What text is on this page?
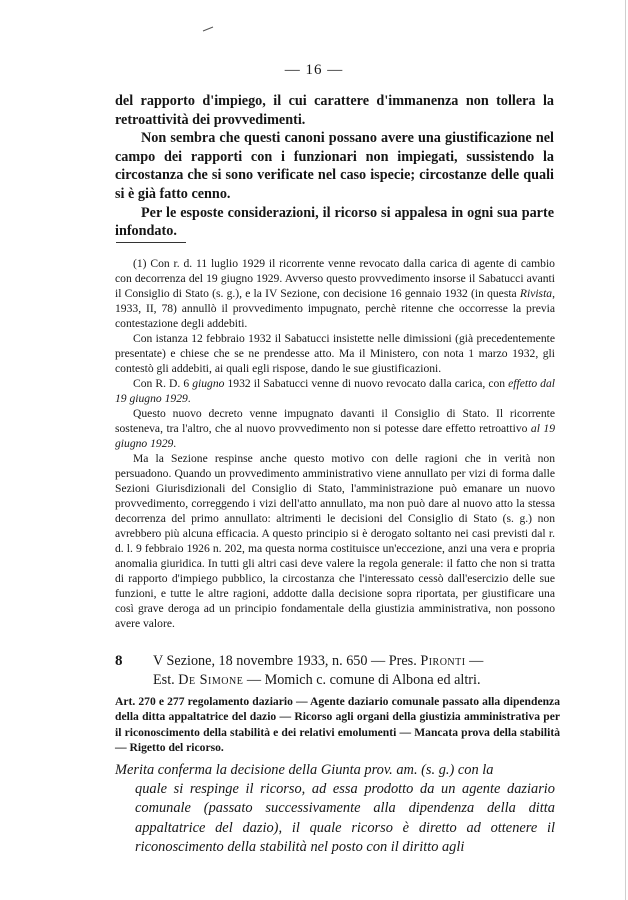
— 16 —

del rapporto d'impiego, il cui carattere d'immanenza non tollera la retroattività dei provvedimenti.

Non sembra che questi canoni possano avere una giustificazione nel campo dei rapporti con i funzionari non impiegati, sussistendo la circostanza che si sono verificate nel caso ispecie; circostanze delle quali si è già fatto cenno.

Per le esposte considerazioni, il ricorso si appalesa in ogni sua parte infondato.

(1) Con r. d. 11 luglio 1929 il ricorrente venne revocato dalla carica di agente di cambio con decorrenza del 19 giugno 1929. Avverso questo provvedimento insorse il Sabatucci avanti il Consiglio di Stato (s. g.), e la IV Sezione, con decisione 16 gennaio 1932 (in questa Rivista, 1933, II, 78) annullò il provvedimento impugnato, perchè ritenne che occorresse la previa contestazione degli addebiti.

Con istanza 12 febbraio 1932 il Sabatucci insistette nelle dimissioni (già precedentemente presentate) e chiese che se ne prendesse atto. Ma il Ministero, con nota 1 marzo 1932, gli contestò gli addebiti, ai quali egli rispose, dando le sue giustificazioni.

Con R. D. 6 giugno 1932 il Sabatucci venne di nuovo revocato dalla carica, con effetto dal 19 giugno 1929.

Questo nuovo decreto venne impugnato davanti il Consiglio di Stato. Il ricorrente sosteneva, tra l'altro, che al nuovo provvedimento non si potesse dare effetto retroattivo al 19 giugno 1929.

Ma la Sezione respinse anche questo motivo con delle ragioni che in verità non persuadono. Quando un provvedimento amministrativo viene annullato per vizi di forma dalle Sezioni Giurisdizionali del Consiglio di Stato, l'amministrazione può emanare un nuovo provvedimento, correggendo i vizi dell'atto annullato, ma non può dare al nuovo atto la stessa decorrenza del primo annullato: altrimenti le decisioni del Consiglio di Stato (s. g.) non avrebbero più alcuna efficacia. A questo principio si è derogato soltanto nei casi previsti dal r. d. l. 9 febbraio 1926 n. 202, ma questa norma costituisce un'eccezione, anzi una vera e propria anomalia giuridica. In tutti gli altri casi deve valere la regola generale: il fatto che non si tratta di rapporto d'impiego pubblico, la circostanza che l'interessato cessò dall'esercizio delle sue funzioni, e tutte le altre ragioni, addotte dalla decisione sopra riportata, per giustificare una così grave deroga ad un principio fondamentale della giustizia amministrativa, non possono avere valore.

8 V Sezione, 18 novembre 1933, n. 650 — Pres. Pironti —
Est. De Simone — Momich c. comune di Albona ed altri.
Art. 270 e 277 regolamento daziario — Agente daziario comunale passato alla dipendenza della ditta appaltatrice del dazio — Ricorso agli organi della giustizia amministrativa per il riconoscimento della stabilità e dei relativi emolumenti — Mancata prova della stabilità — Rigetto del ricorso.
Merita conferma la decisione della Giunta prov. am. (s. g.) con la
quale si respinge il ricorso, ad essa prodotto da un agente daziario comunale (passato successivamente alla dipendenza della ditta appaltatrice del dazio), il quale ricorso è diretto ad ottenere il riconoscimento della stabilità nel posto con il diritto agli
